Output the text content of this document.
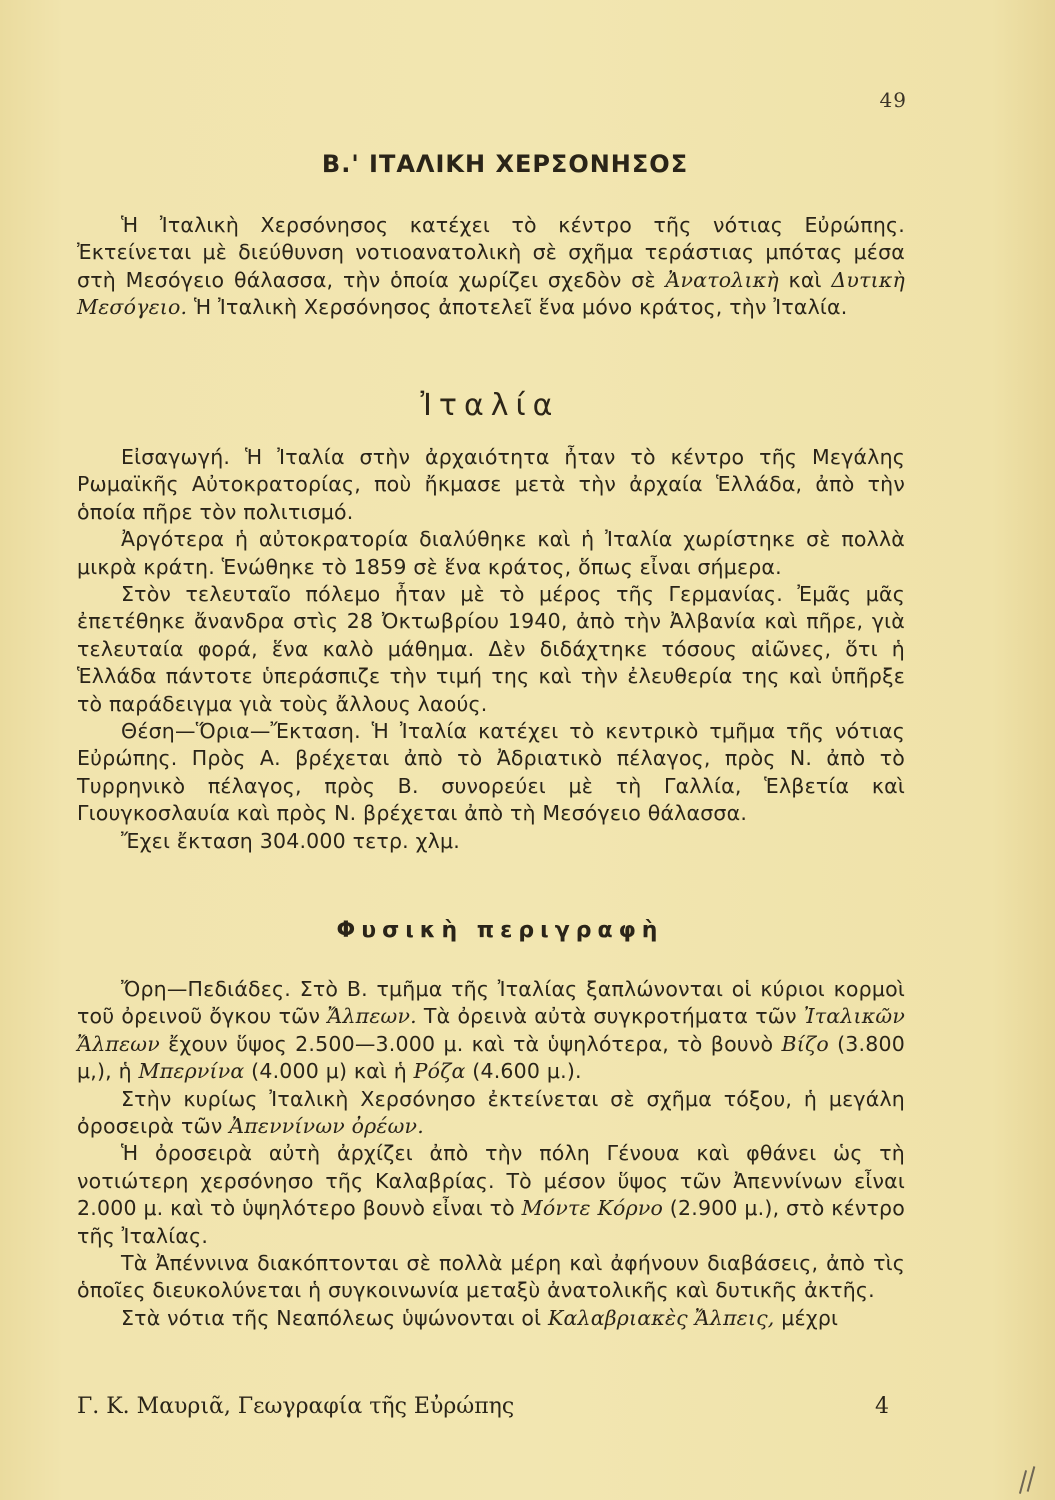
49
Β.' ΙΤΑΛΙΚΗ ΧΕΡΣΟΝΗΣΟΣ

Ἡ Ἰταλικὴ Χερσόνησος κατέχει τὸ κέντρο τῆς νότιας Εὐρώπης. Ἐκτείνεται μὲ διεύθυνση νοτιοανατολικὴ σὲ σχῆμα τεράστιας μπότας μέσα στὴ Μεσόγειο θάλασσα, τὴν ὁποία χωρίζει σχεδὸν σὲ Ἀνατολικὴ καὶ Δυτικὴ Μεσόγειο. Ἡ Ἰταλικὴ Χερσόνησος ἀποτελεῖ ἕνα μόνο κράτος, τὴν Ἰταλία.

Ἰταλία

Εἰσαγωγή. Ἡ Ἰταλία στὴν ἀρχαιότητα ἦταν τὸ κέντρο τῆς Μεγάλης Ρωμαϊκῆς Αὐτοκρατορίας, ποὺ ἤκμασε μετὰ τὴν ἀρχαία Ἑλλάδα, ἀπὸ τὴν ὁποία πῆρε τὸν πολιτισμό.

Ἀργότερα ἡ αὐτοκρατορία διαλύθηκε καὶ ἡ Ἰταλία χωρίστηκε σὲ πολλὰ μικρὰ κράτη. Ἑνώθηκε τὸ 1859 σὲ ἕνα κράτος, ὅπως εἶναι σήμερα.

Στὸν τελευταῖο πόλεμο ἦταν μὲ τὸ μέρος τῆς Γερμανίας. Ἐμᾶς μᾶς ἐπετέθηκε ἄνανδρα στὶς 28 Ὀκτωβρίου 1940, ἀπὸ τὴν Ἀλβανία καὶ πῆρε, γιὰ τελευταία φορά, ἕνα καλὸ μάθημα. Δὲν διδάχτηκε τόσους αἰῶνες, ὅτι ἡ Ἑλλάδα πάντοτε ὑπεράσπιζε τὴν τιμή της καὶ τὴν ἐλευθερία της καὶ ὑπῆρξε τὸ παράδειγμα γιὰ τοὺς ἄλλους λαούς.

Θέση—Ὅρια—Ἔκταση. Ἡ Ἰταλία κατέχει τὸ κεντρικὸ τμῆμα τῆς νότιας Εὐρώπης. Πρὸς Α. βρέχεται ἀπὸ τὸ Ἀδριατικὸ πέλαγος, πρὸς Ν. ἀπὸ τὸ Τυρρηνικὸ πέλαγος, πρὸς Β. συνορεύει μὲ τὴ Γαλλία, Ἑλβετία καὶ Γιουγκοσλαυία καὶ πρὸς Ν. βρέχεται ἀπὸ τὴ Μεσόγειο θάλασσα.

Ἔχει ἔκταση 304.000 τετρ. χλμ.

Φυσικὴ περιγραφὴ

Ὄρη—Πεδιάδες. Στὸ Β. τμῆμα τῆς Ἰταλίας ξαπλώνονται οἱ κύριοι κορμοὶ τοῦ ὀρεινοῦ ὄγκου τῶν Ἄλπεων. Τὰ ὀρεινὰ αὐτὰ συγκροτήματα τῶν Ἰταλικῶν Ἄλπεων ἔχουν ὕψος 2.500—3.000 μ. καὶ τὰ ὑψηλότερα, τὸ βουνὸ Βίζο (3.800 μ,), ἡ Μπερνίνα (4.000 μ) καὶ ἡ Ρόζα (4.600 μ.).

Στὴν κυρίως Ἰταλικὴ Χερσόνησο ἐκτείνεται σὲ σχῆμα τόξου, ἡ μεγάλη ὀροσειρὰ τῶν Ἀπεννίνων ὀρέων.

Ἡ ὀροσειρὰ αὐτὴ ἀρχίζει ἀπὸ τὴν πόλη Γένουα καὶ φθάνει ὡς τὴ νοτιώτερη χερσόνησο τῆς Καλαβρίας. Τὸ μέσον ὕψος τῶν Ἀπεννίνων εἶναι 2.000 μ. καὶ τὸ ὑψηλότερο βουνὸ εἶναι τὸ Μόντε Κόρνο (2.900 μ.), στὸ κέντρο τῆς Ἰταλίας.

Τὰ Ἀπέννινα διακόπτονται σὲ πολλὰ μέρη καὶ ἀφήνουν διαβάσεις, ἀπὸ τὶς ὁποῖες διευκολύνεται ἡ συγκοινωνία μεταξὺ ἀνατολικῆς καὶ δυτικῆς ἀκτῆς.

Στὰ νότια τῆς Νεαπόλεως ὑψώνονται οἱ Καλαβριακὲς Ἄλπεις, μέχρι

Γ. Κ. Μαυριᾶ, Γεωγραφία τῆς Εὐρώπης	4
